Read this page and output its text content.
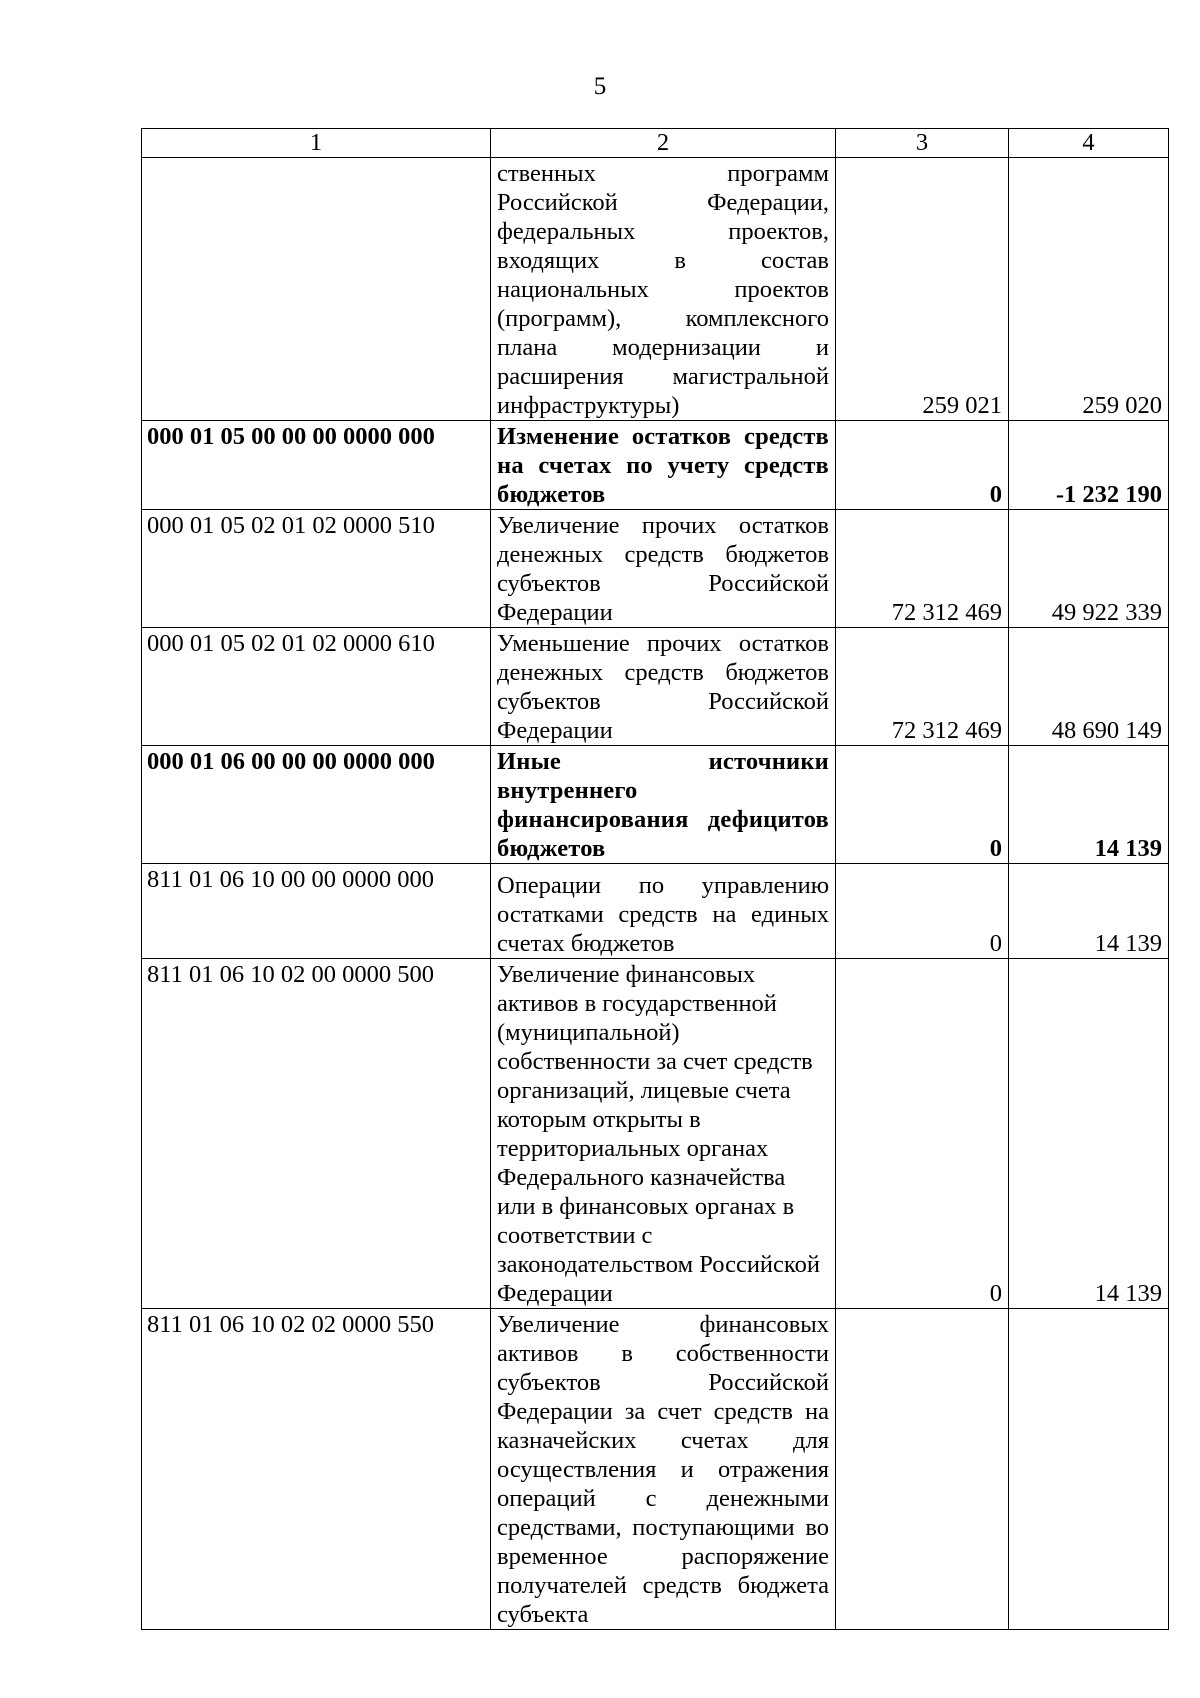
5
1	2	3	4
	ственных программ Российской Федерации, федеральных проектов, входящих в состав национальных проектов (программ), комплексного плана модернизации и расширения магистральной инфраструктуры)	259 021	259 020
000 01 05 00 00 00 0000 000	Изменение остатков средств на счетах по учету средств бюджетов	0	-1 232 190
000 01 05 02 01 02 0000 510	Увеличение прочих остатков денежных средств бюджетов субъектов Российской Федерации	72 312 469	49 922 339
000 01 05 02 01 02 0000 610	Уменьшение прочих остатков денежных средств бюджетов субъектов Российской Федерации	72 312 469	48 690 149
000 01 06 00 00 00 0000 000	Иные источники внутреннего финансирования дефицитов бюджетов	0	14 139
811 01 06 10 00 00 0000 000	Операции по управлению остатками средств на единых счетах бюджетов	0	14 139
811 01 06 10 02 00 0000 500	Увеличение финансовых активов в государственной (муниципальной) собственности за счет средств организаций, лицевые счета которым открыты в территориальных органах Федерального казначейства или в финансовых органах в соответствии с законодательством Российской Федерации	0	14 139
811 01 06 10 02 02 0000 550	Увеличение финансовых активов в собственности субъектов Российской Федерации за счет средств на казначейских счетах для осуществления и отражения операций с денежными средствами, поступающими во временное распоряжение получателей средств бюджета субъекта		
